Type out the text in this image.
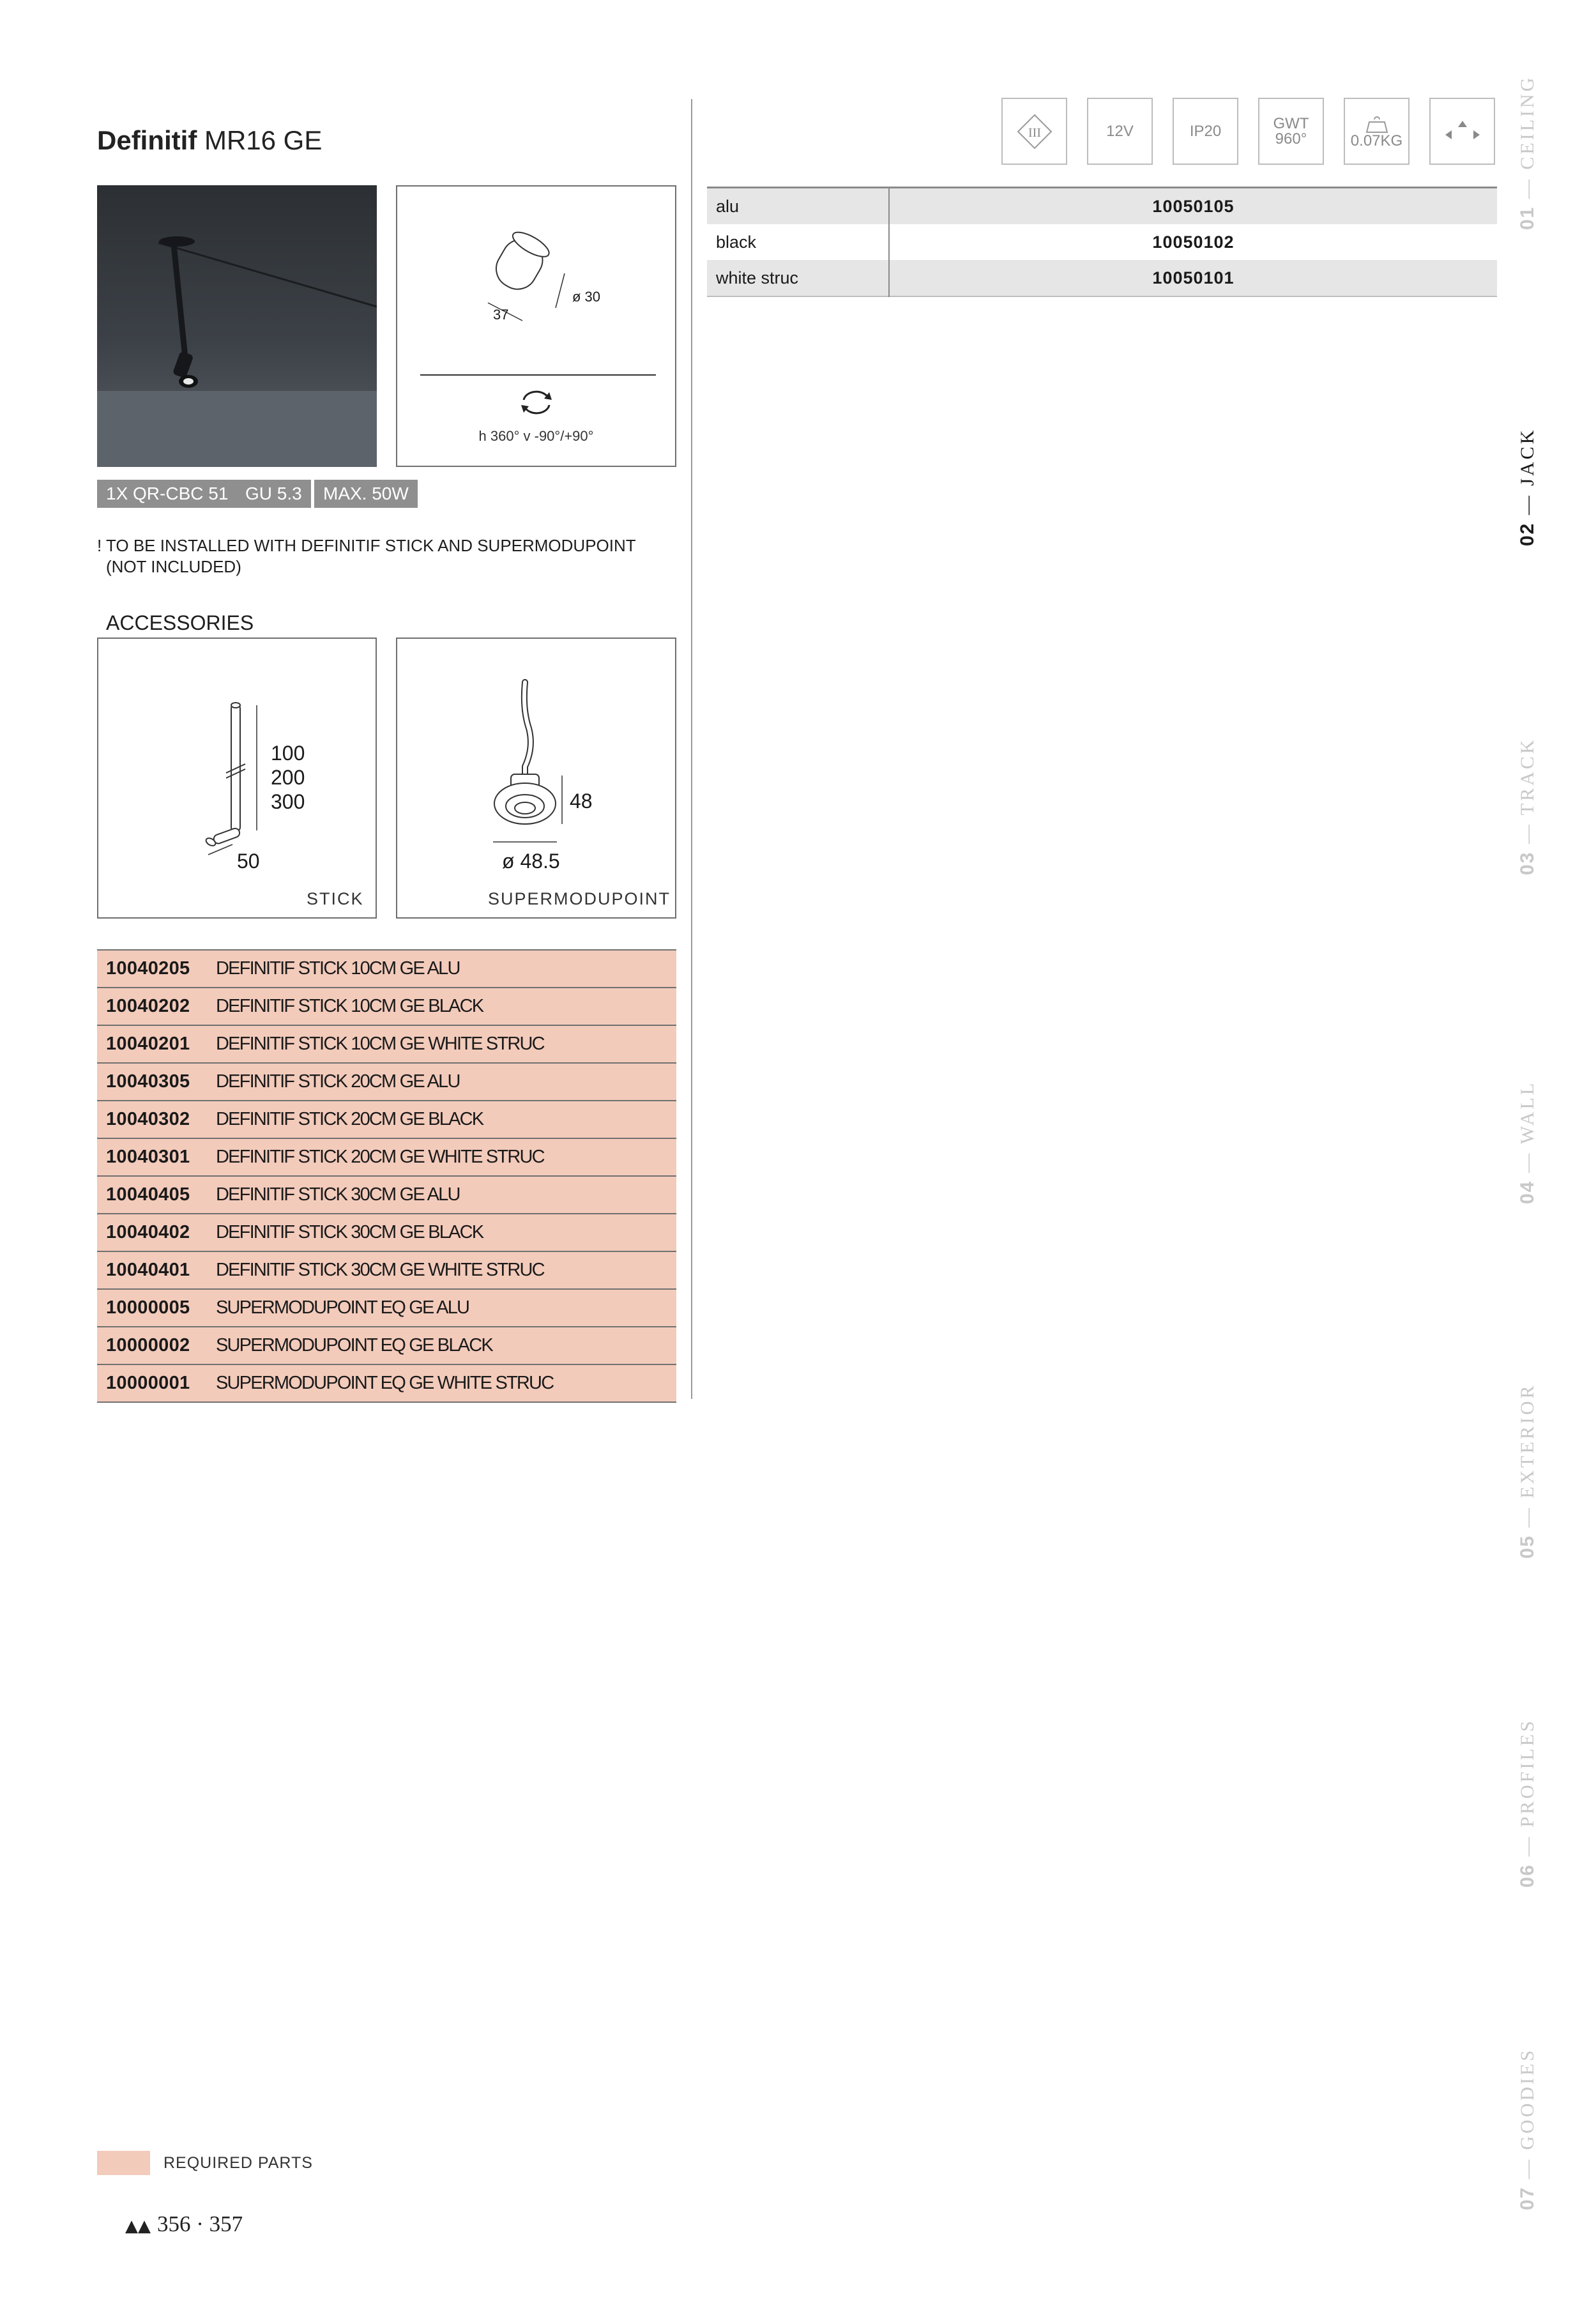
Definitif MR16 GE	III	12V	IP20	GWT
960°	0.07KG
alu	10050105
black	10050102
white struc	10050101
37
ø 30
h 360° v -90°/+90°
1X QR-CBC 51 GU 5.3	MAX. 50W
! TO BE INSTALLED WITH DEFINITIF STICK AND SUPERMODUPOINT
(NOT INCLUDED)
ACCESSORIES
100
200
300
50
STICK
48
ø 48.5
SUPERMODUPOINT
10040205	DEFINITIF STICK 10CM GE ALU
10040202	DEFINITIF STICK 10CM GE BLACK
10040201	DEFINITIF STICK 10CM GE WHITE STRUC
10040305	DEFINITIF STICK 20CM GE ALU
10040302	DEFINITIF STICK 20CM GE BLACK
10040301	DEFINITIF STICK 20CM GE WHITE STRUC
10040405	DEFINITIF STICK 30CM GE ALU
10040402	DEFINITIF STICK 30CM GE BLACK
10040401	DEFINITIF STICK 30CM GE WHITE STRUC
10000005	SUPERMODUPOINT EQ GE ALU
10000002	SUPERMODUPOINT EQ GE BLACK
10000001	SUPERMODUPOINT EQ GE WHITE STRUC
01 — CEILING
02 — JACK
03 — TRACK
04 — WALL
05 — EXTERIOR
06 — PROFILES
07 — GOODIES
REQUIRED PARTS
▲▲ 356 · 357
